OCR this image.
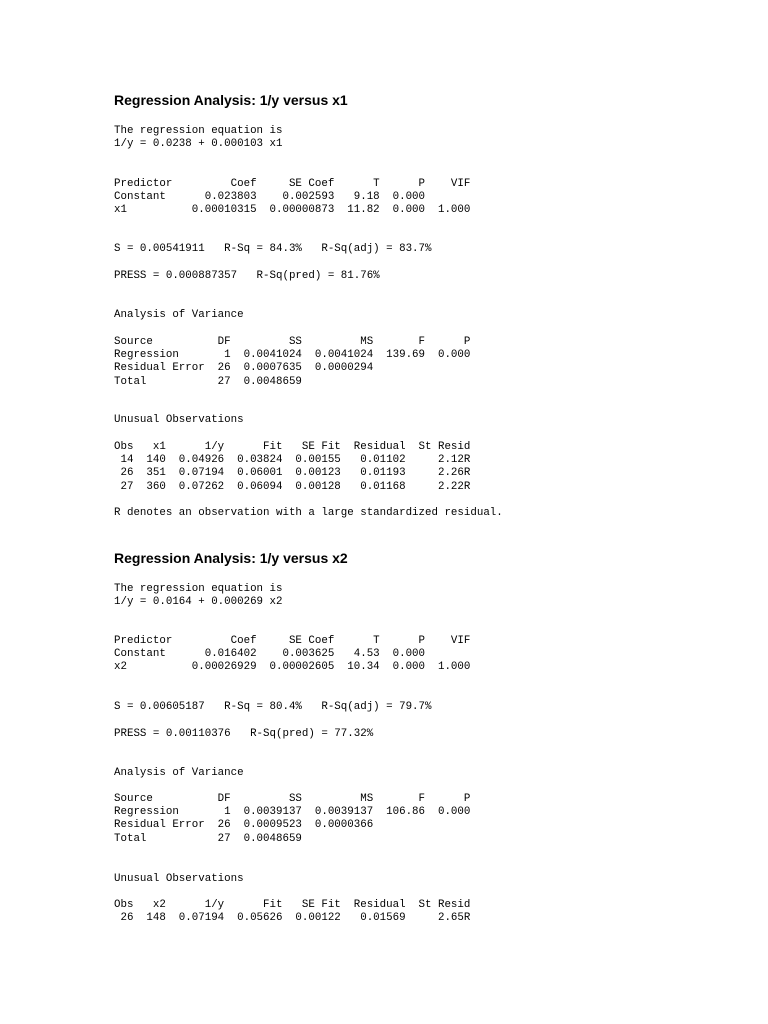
Regression Analysis: 1/y versus x1
The regression equation is
1/y = 0.0238 + 0.000103 x1
Predictor         Coef     SE Coef      T      P    VIF
Constant      0.023803    0.002593   9.18  0.000
x1          0.00010315  0.00000873  11.82  0.000  1.000
S = 0.00541911   R-Sq = 84.3%   R-Sq(adj) = 83.7%
PRESS = 0.000887357   R-Sq(pred) = 81.76%
Analysis of Variance
Source          DF         SS         MS       F      P
Regression       1  0.0041024  0.0041024  139.69  0.000
Residual Error  26  0.0007635  0.0000294
Total           27  0.0048659
Unusual Observations
Obs   x1      1/y      Fit   SE Fit  Residual  St Resid
14  140  0.04926  0.03824  0.00155   0.01102     2.12R
26  351  0.07194  0.06001  0.00123   0.01193     2.26R
27  360  0.07262  0.06094  0.00128   0.01168     2.22R
R denotes an observation with a large standardized residual.
Regression Analysis: 1/y versus x2
The regression equation is
1/y = 0.0164 + 0.000269 x2
Predictor         Coef     SE Coef      T      P    VIF
Constant      0.016402    0.003625   4.53  0.000
x2          0.00026929  0.00002605  10.34  0.000  1.000
S = 0.00605187   R-Sq = 80.4%   R-Sq(adj) = 79.7%
PRESS = 0.00110376   R-Sq(pred) = 77.32%
Analysis of Variance
Source          DF         SS         MS       F      P
Regression       1  0.0039137  0.0039137  106.86  0.000
Residual Error  26  0.0009523  0.0000366
Total           27  0.0048659
Unusual Observations
Obs   x2      1/y      Fit   SE Fit  Residual  St Resid
26  148  0.07194  0.05626  0.00122   0.01569     2.65R
